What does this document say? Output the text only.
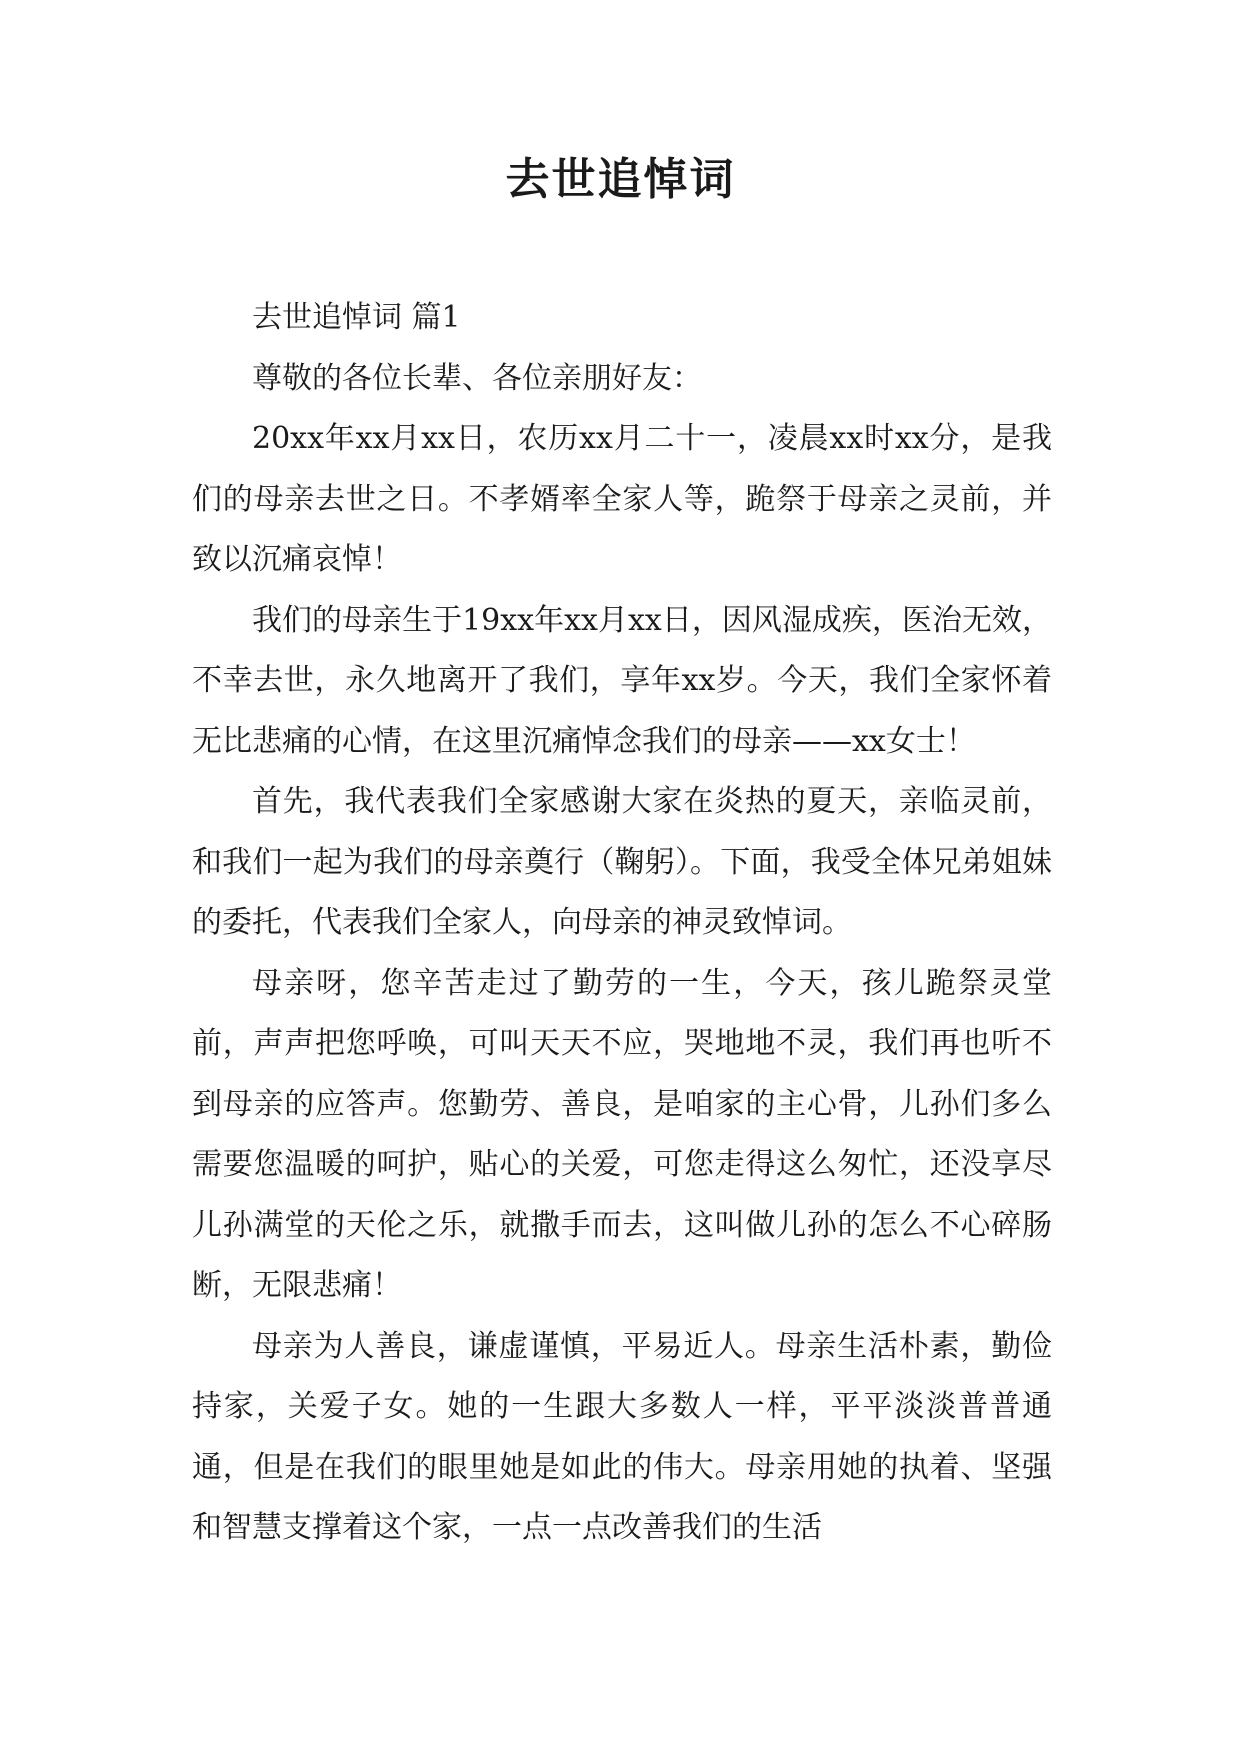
去世追悼词

去世追悼词 篇1

尊敬的各位长辈、各位亲朋好友：

20xx年xx月xx日，农历xx月二十一，凌晨xx时xx分，是我们的母亲去世之日。不孝婿率全家人等，跪祭于母亲之灵前，并致以沉痛哀悼！

我们的母亲生于19xx年xx月xx日，因风湿成疾，医治无效，不幸去世，永久地离开了我们，享年xx岁。今天，我们全家怀着无比悲痛的心情，在这里沉痛悼念我们的母亲——xx女士！

首先，我代表我们全家感谢大家在炎热的夏天，亲临灵前，和我们一起为我们的母亲奠行（鞠躬）。下面，我受全体兄弟姐妹的委托，代表我们全家人，向母亲的神灵致悼词。

母亲呀，您辛苦走过了勤劳的一生，今天，孩儿跪祭灵堂前，声声把您呼唤，可叫天天不应，哭地地不灵，我们再也听不到母亲的应答声。您勤劳、善良，是咱家的主心骨，儿孙们多么需要您温暖的呵护，贴心的关爱，可您走得这么匆忙，还没享尽儿孙满堂的天伦之乐，就撒手而去，这叫做儿孙的怎么不心碎肠断，无限悲痛！

母亲为人善良，谦虚谨慎，平易近人。母亲生活朴素，勤俭持家，关爱子女。她的一生跟大多数人一样，平平淡淡普普通通，但是在我们的眼里她是如此的伟大。母亲用她的执着、坚强和智慧支撑着这个家，一点一点改善我们的生活
